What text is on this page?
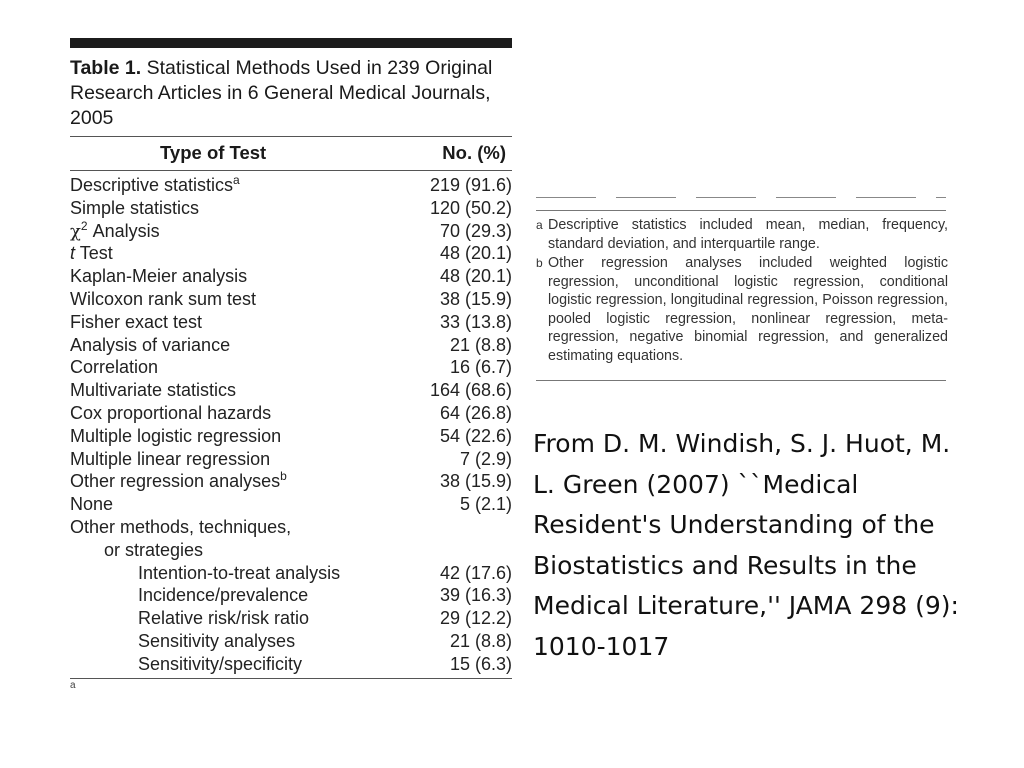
Table 1. Statistical Methods Used in 239 Original Research Articles in 6 General Medical Journals, 2005
Type of Test	No. (%)
Descriptive statistics$^a$	219 (91.6)
Simple statistics	120 (50.2)
$\chi^2$ Analysis	70 (29.3)
t Test	48 (20.1)
Kaplan-Meier analysis	48 (20.1)
Wilcoxon rank sum test	38 (15.9)
Fisher exact test	33 (13.8)
Analysis of variance	21 (8.8)
Correlation	16 (6.7)
Multivariate statistics	164 (68.6)
Cox proportional hazards	64 (26.8)
Multiple logistic regression	54 (22.6)
Multiple linear regression	7 (2.9)
Other regression analyses$^b$	38 (15.9)
None	5 (2.1)
Other methods, techniques,
or strategies
Intention-to-treat analysis	42 (17.6)
Incidence/prevalence	39 (16.3)
Relative risk/risk ratio	29 (12.2)
Sensitivity analyses	21 (8.8)
Sensitivity/specificity	15 (6.3)
a
a Descriptive statistics included mean, median, frequency, standard deviation, and interquartile range.
b Other regression analyses included weighted logistic regression, unconditional logistic regression, conditional logistic regression, longitudinal regression, Poisson regression, pooled logistic regression, nonlinear regression, meta-regression, negative binomial regression, and generalized estimating equations.
From D. M. Windish, S. J. Huot, M. L. Green (2007) ``Medical Resident's Understanding of the Biostatistics and Results in the Medical Literature,'' JAMA 298 (9): 1010-1017
